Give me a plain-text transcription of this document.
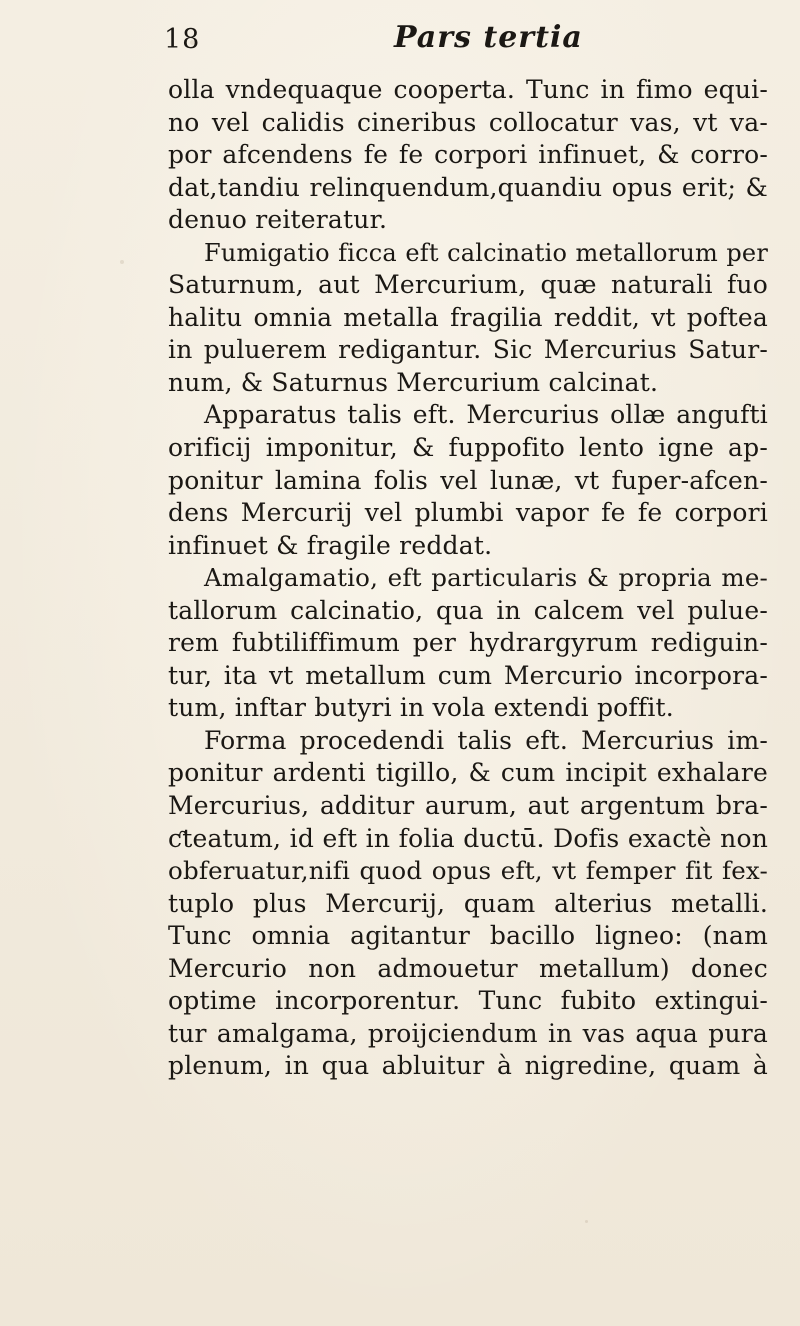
18	Pars tertia
olla vndequaque cooperta. Tunc in fimo equi-
no vel calidis cineribus collocatur vas, vt va-
por afcendens fe fe corpori infinuet, & corro-
dat,tandiu relinquendum,quandiu opus erit; &
denuo reiteratur.
Fumigatio ficca eft calcinatio metallorum per
Saturnum, aut Mercurium, quæ naturali fuo
halitu omnia metalla fragilia reddit, vt poftea
in puluerem redigantur. Sic Mercurius Satur-
num, & Saturnus Mercurium calcinat.
Apparatus talis eft. Mercurius ollæ angufti
orificij imponitur, & fuppofito lento igne ap-
ponitur lamina folis vel lunæ, vt fuper-afcen-
dens Mercurij vel plumbi vapor fe fe corpori
infinuet & fragile reddat.
Amalgamatio, eft particularis & propria me-
tallorum calcinatio, qua in calcem vel pulue-
rem fubtiliffimum per hydrargyrum rediguin-
tur, ita vt metallum cum Mercurio incorpora-
tum, inftar butyri in vola extendi poffit.
Forma procedendi talis eft. Mercurius im-
ponitur ardenti tigillo, & cum incipit exhalare
Mercurius, additur aurum, aut argentum bra-
ƈteatum, id eft in folia ductū. Dofis exactè non
obferuatur,nifi quod opus eft, vt femper fit fex-
tuplo plus Mercurij, quam alterius metalli.
Tunc omnia agitantur bacillo ligneo: (nam
Mercurio non admouetur metallum) donec
optime incorporentur. Tunc fubito extingui-
tur amalgama, proijciendum in vas aqua pura
plenum, in qua abluitur à nigredine, quam à
